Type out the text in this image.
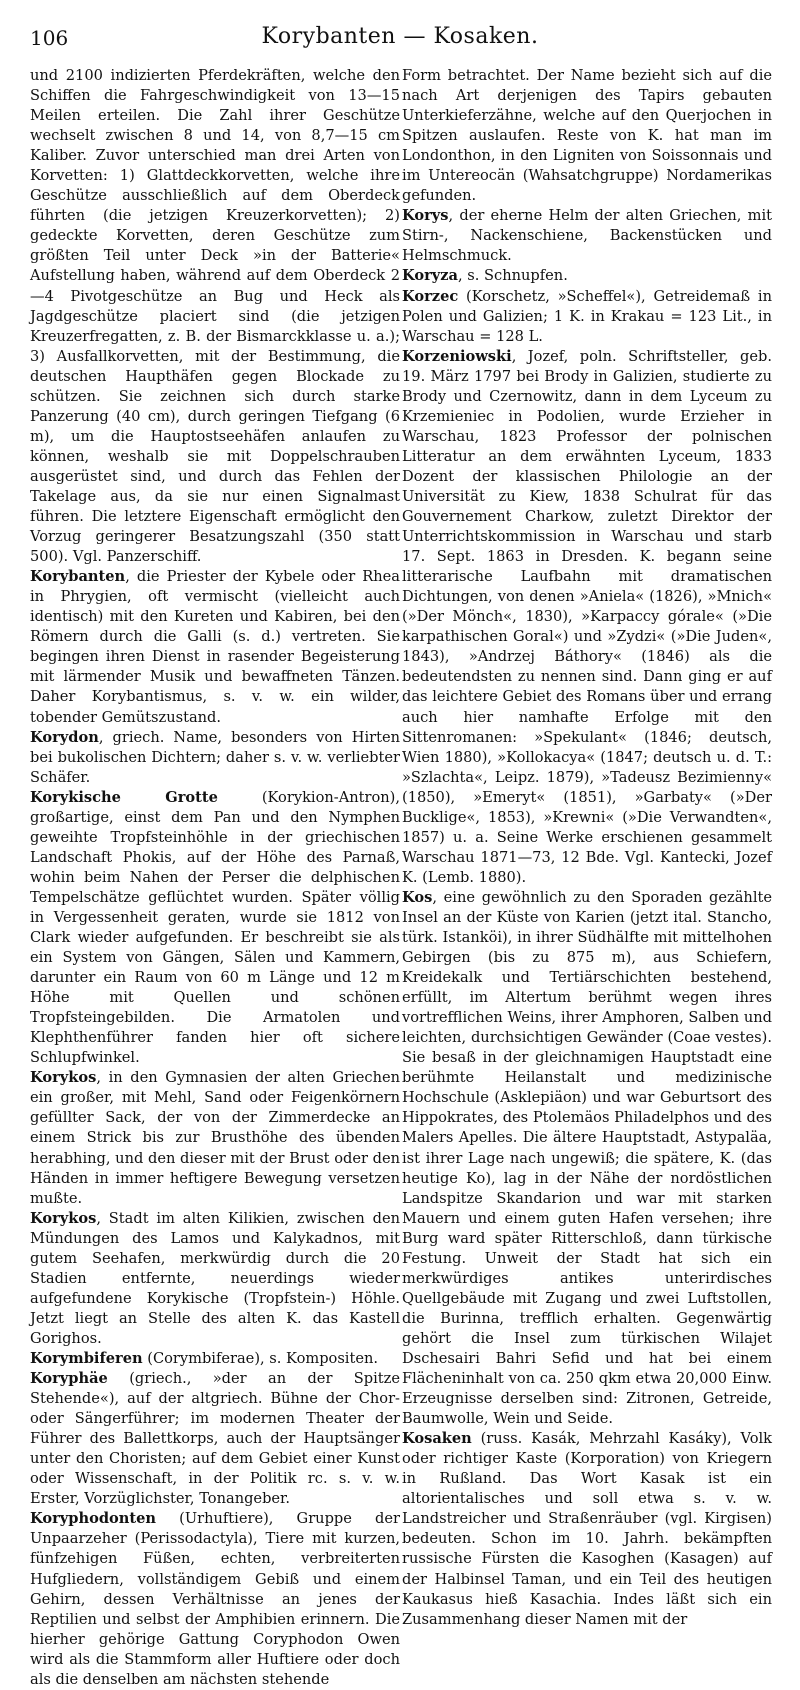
106	Korybanten — Kosaken.

und 2100 indizierten Pferdekräften, welche den Schiffen die Fahrgeschwindigkeit von 13—15 Meilen erteilen. Die Zahl ihrer Geschütze wechselt zwischen 8 und 14, von 8,7—15 cm Kaliber. Zuvor unterschied man drei Arten von Korvetten: 1) Glattdeckkorvetten, welche ihre Geschütze ausschließlich auf dem Oberdeck führten (die jetzigen Kreuzerkorvetten); 2) gedeckte Korvetten, deren Geschütze zum größten Teil unter Deck »in der Batterie« Aufstellung haben, während auf dem Oberdeck 2—4 Pivotgeschütze an Bug und Heck als Jagdgeschütze placiert sind (die jetzigen Kreuzerfregatten, z. B. der Bismarckklasse u. a.); 3) Ausfallkorvetten, mit der Bestimmung, die deutschen Haupthäfen gegen Blockade zu schützen. Sie zeichnen sich durch starke Panzerung (40 cm), durch geringen Tiefgang (6 m), um die Hauptostseehäfen anlaufen zu können, weshalb sie mit Doppelschrauben ausgerüstet sind, und durch das Fehlen der Takelage aus, da sie nur einen Signalmast führen. Die letztere Eigenschaft ermöglicht den Vorzug geringerer Besatzungszahl (350 statt 500). Vgl. Panzerschiff.

Korybanten, die Priester der Kybele oder Rhea in Phrygien, oft vermischt (vielleicht auch identisch) mit den Kureten und Kabiren, bei den Römern durch die Galli (s. d.) vertreten. Sie begingen ihren Dienst in rasender Begeisterung mit lärmender Musik und bewaffneten Tänzen. Daher Korybantismus, s. v. w. ein wilder, tobender Gemütszustand.

Korydon, griech. Name, besonders von Hirten bei bukolischen Dichtern; daher s. v. w. verliebter Schäfer.

Korykische Grotte (Korykion-Antron), großartige, einst dem Pan und den Nymphen geweihte Tropfsteinhöhle in der griechischen Landschaft Phokis, auf der Höhe des Parnaß, wohin beim Nahen der Perser die delphischen Tempelschätze geflüchtet wurden. Später völlig in Vergessenheit geraten, wurde sie 1812 von Clark wieder aufgefunden. Er beschreibt sie als ein System von Gängen, Sälen und Kammern, darunter ein Raum von 60 m Länge und 12 m Höhe mit Quellen und schönen Tropfsteingebilden. Die Armatolen und Klephthenführer fanden hier oft sichere Schlupfwinkel.

Korykos, in den Gymnasien der alten Griechen ein großer, mit Mehl, Sand oder Feigenkörnern gefüllter Sack, der von der Zimmerdecke an einem Strick bis zur Brusthöhe des übenden herabhing, und den dieser mit der Brust oder den Händen in immer heftigere Bewegung versetzen mußte.

Korykos, Stadt im alten Kilikien, zwischen den Mündungen des Lamos und Kalykadnos, mit gutem Seehafen, merkwürdig durch die 20 Stadien entfernte, neuerdings wieder aufgefundene Korykische (Tropfstein-) Höhle. Jetzt liegt an Stelle des alten K. das Kastell Gorighos.

Korymbiferen (Corymbiferae), s. Kompositen.

Koryphäe (griech., »der an der Spitze Stehende«), auf der altgriech. Bühne der Chor- oder Sängerführer; im modernen Theater der Führer des Ballettkorps, auch der Hauptsänger unter den Choristen; auf dem Gebiet einer Kunst oder Wissenschaft, in der Politik rc. s. v. w. Erster, Vorzüglichster, Tonangeber.

Koryphodonten (Urhuftiere), Gruppe der Unpaarzeher (Perissodactyla), Tiere mit kurzen, fünfzehigen Füßen, echten, verbreiterten Hufgliedern, vollständigem Gebiß und einem Gehirn, dessen Verhältnisse an jenes der Reptilien und selbst der Amphibien erinnern. Die hierher gehörige Gattung Coryphodon Owen wird als die Stammform aller Huftiere oder doch als die denselben am nächsten stehende

Form betrachtet. Der Name bezieht sich auf die nach Art derjenigen des Tapirs gebauten Unterkieferzähne, welche auf den Querjochen in Spitzen auslaufen. Reste von K. hat man im Londonthon, in den Ligniten von Soissonnais und im Untereocän (Wahsatchgruppe) Nordamerikas gefunden.

Korys, der eherne Helm der alten Griechen, mit Stirn-, Nackenschiene, Backenstücken und Helmschmuck.

Koryza, s. Schnupfen.

Korzec (Korschetz, »Scheffel«), Getreidemaß in Polen und Galizien; 1 K. in Krakau = 123 Lit., in Warschau = 128 L.

Korzeniowski, Jozef, poln. Schriftsteller, geb. 19. März 1797 bei Brody in Galizien, studierte zu Brody und Czernowitz, dann in dem Lyceum zu Krzemieniec in Podolien, wurde Erzieher in Warschau, 1823 Professor der polnischen Litteratur an dem erwähnten Lyceum, 1833 Dozent der klassischen Philologie an der Universität zu Kiew, 1838 Schulrat für das Gouvernement Charkow, zuletzt Direktor der Unterrichtskommission in Warschau und starb 17. Sept. 1863 in Dresden. K. begann seine litterarische Laufbahn mit dramatischen Dichtungen, von denen »Aniela« (1826), »Mnich« (»Der Mönch«, 1830), »Karpaccy górale« (»Die karpathischen Goral«) und »Zydzi« (»Die Juden«, 1843), »Andrzej Báthory« (1846) als die bedeutendsten zu nennen sind. Dann ging er auf das leichtere Gebiet des Romans über und errang auch hier namhafte Erfolge mit den Sittenromanen: »Spekulant« (1846; deutsch, Wien 1880), »Kollokacya« (1847; deutsch u. d. T.: »Szlachta«, Leipz. 1879), »Tadeusz Bezimienny« (1850), »Emeryt« (1851), »Garbaty« (»Der Bucklige«, 1853), »Krewni« (»Die Verwandten«, 1857) u. a. Seine Werke erschienen gesammelt Warschau 1871—73, 12 Bde. Vgl. Kantecki, Jozef K. (Lemb. 1880).

Kos, eine gewöhnlich zu den Sporaden gezählte Insel an der Küste von Karien (jetzt ital. Stancho, türk. Istanköi), in ihrer Südhälfte mit mittelhohen Gebirgen (bis zu 875 m), aus Schiefern, Kreidekalk und Tertiärschichten bestehend, erfüllt, im Altertum berühmt wegen ihres vortrefflichen Weins, ihrer Amphoren, Salben und leichten, durchsichtigen Gewänder (Coae vestes). Sie besaß in der gleichnamigen Hauptstadt eine berühmte Heilanstalt und medizinische Hochschule (Asklepiäon) und war Geburtsort des Hippokrates, des Ptolemäos Philadelphos und des Malers Apelles. Die ältere Hauptstadt, Astypaläa, ist ihrer Lage nach ungewiß; die spätere, K. (das heutige Ko), lag in der Nähe der nordöstlichen Landspitze Skandarion und war mit starken Mauern und einem guten Hafen versehen; ihre Burg ward später Ritterschloß, dann türkische Festung. Unweit der Stadt hat sich ein merkwürdiges antikes unterirdisches Quellgebäude mit Zugang und zwei Luftstollen, die Burinna, trefflich erhalten. Gegenwärtig gehört die Insel zum türkischen Wilajet Dschesairi Bahri Sefid und hat bei einem Flächeninhalt von ca. 250 qkm etwa 20,000 Einw. Erzeugnisse derselben sind: Zitronen, Getreide, Baumwolle, Wein und Seide.

Kosaken (russ. Kasák, Mehrzahl Kasáky), Volk oder richtiger Kaste (Korporation) von Kriegern in Rußland. Das Wort Kasak ist ein altorientalisches und soll etwa s. v. w. Landstreicher und Straßenräuber (vgl. Kirgisen) bedeuten. Schon im 10. Jahrh. bekämpften russische Fürsten die Kasoghen (Kasagen) auf der Halbinsel Taman, und ein Teil des heutigen Kaukasus hieß Kasachia. Indes läßt sich ein Zusammenhang dieser Namen mit der
